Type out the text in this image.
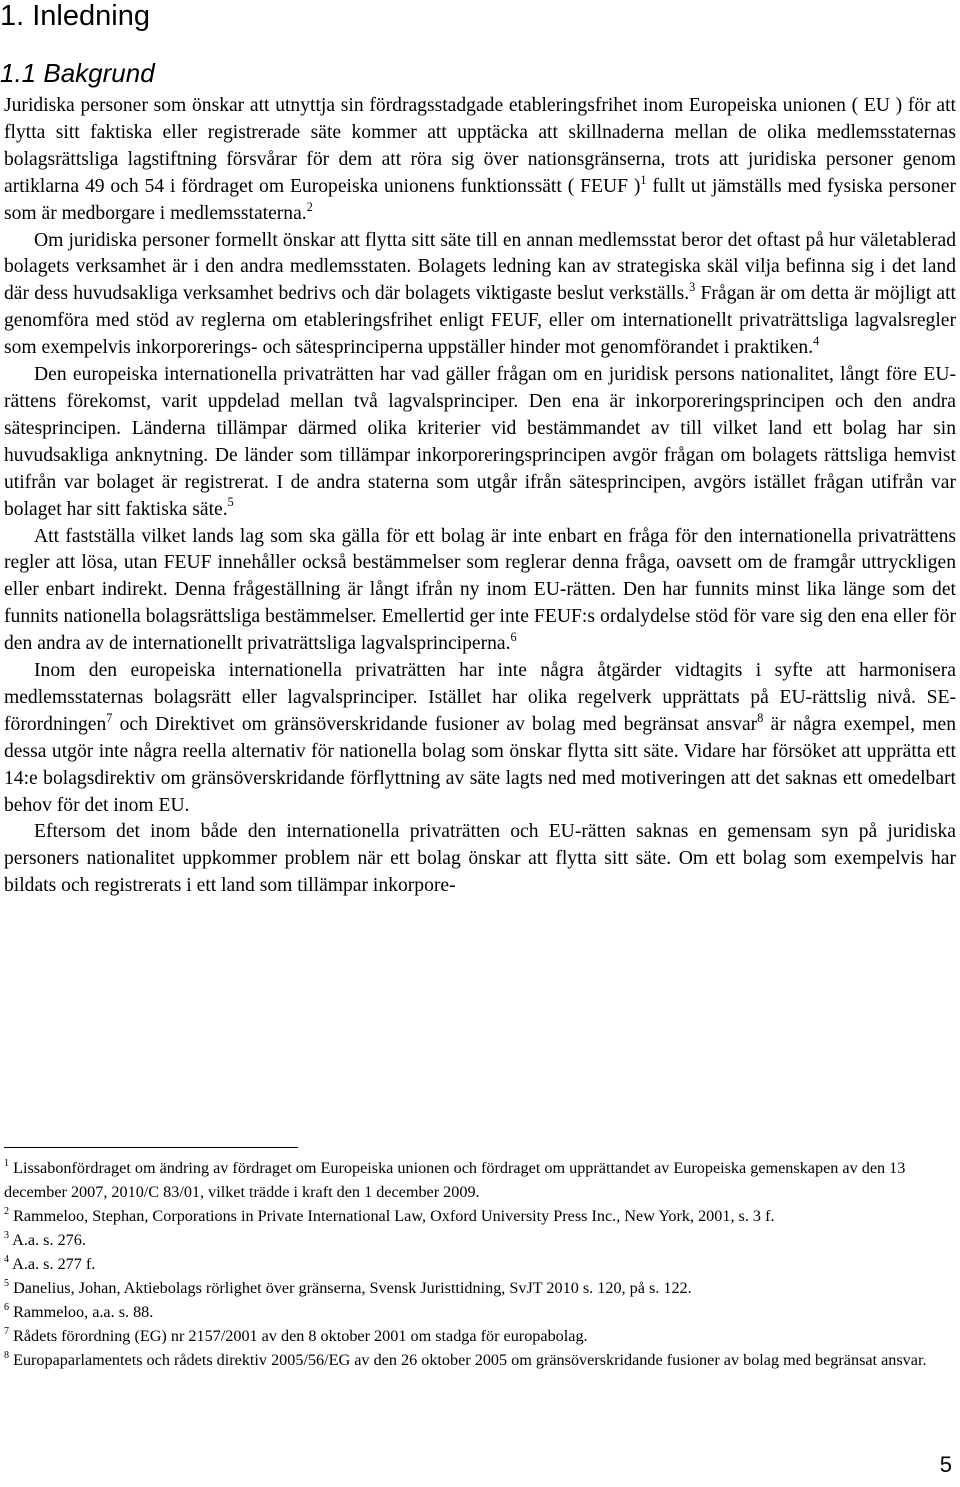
1. Inledning
1.1 Bakgrund

Juridiska personer som önskar att utnyttja sin fördragsstadgade etableringsfrihet inom Europeiska unionen ( EU ) för att flytta sitt faktiska eller registrerade säte kommer att upptäcka att skillnaderna mellan de olika medlemsstaternas bolagsrättsliga lagstiftning försvårar för dem att röra sig över nationsgränserna, trots att juridiska personer genom artiklarna 49 och 54 i fördraget om Europeiska unionens funktionssätt ( FEUF )$^1$ fullt ut jämställs med fysiska personer som är medborgare i medlemsstaterna.$^2$

Om juridiska personer formellt önskar att flytta sitt säte till en annan medlemsstat beror det oftast på hur väletablerad bolagets verksamhet är i den andra medlemsstaten. Bolagets ledning kan av strategiska skäl vilja befinna sig i det land där dess huvudsakliga verksamhet bedrivs och där bolagets viktigaste beslut verkställs.$^3$ Frågan är om detta är möjligt att genomföra med stöd av reglerna om etableringsfrihet enligt FEUF, eller om internationellt privaträttsliga lagvalsregler som exempelvis inkorporerings- och sätesprinciperna uppställer hinder mot genomförandet i praktiken.$^4$

Den europeiska internationella privaträtten har vad gäller frågan om en juridisk persons nationalitet, långt före EU-rättens förekomst, varit uppdelad mellan två lagvalsprinciper. Den ena är inkorporeringsprincipen och den andra sätesprincipen. Länderna tillämpar därmed olika kriterier vid bestämmandet av till vilket land ett bolag har sin huvudsakliga anknytning. De länder som tillämpar inkorporeringsprincipen avgör frågan om bolagets rättsliga hemvist utifrån var bolaget är registrerat. I de andra staterna som utgår ifrån sätesprincipen, avgörs istället frågan utifrån var bolaget har sitt faktiska säte.$^5$

Att fastställa vilket lands lag som ska gälla för ett bolag är inte enbart en fråga för den internationella privaträttens regler att lösa, utan FEUF innehåller också bestämmelser som reglerar denna fråga, oavsett om de framgår uttryckligen eller enbart indirekt. Denna frågeställning är långt ifrån ny inom EU-rätten. Den har funnits minst lika länge som det funnits nationella bolagsrättsliga bestämmelser. Emellertid ger inte FEUF:s ordalydelse stöd för vare sig den ena eller för den andra av de internationellt privaträttsliga lagvalsprinciperna.$^6$

Inom den europeiska internationella privaträtten har inte några åtgärder vidtagits i syfte att harmonisera medlemsstaternas bolagsrätt eller lagvalsprinciper. Istället har olika regelverk upprättats på EU-rättslig nivå. SE-förordningen$^7$ och Direktivet om gränsöverskridande fusioner av bolag med begränsat ansvar$^8$ är några exempel, men dessa utgör inte några reella alternativ för nationella bolag som önskar flytta sitt säte. Vidare har försöket att upprätta ett 14:e bolagsdirektiv om gränsöverskridande förflyttning av säte lagts ned med motiveringen att det saknas ett omedelbart behov för det inom EU.

Eftersom det inom både den internationella privaträtten och EU-rätten saknas en gemensam syn på juridiska personers nationalitet uppkommer problem när ett bolag önskar att flytta sitt säte. Om ett bolag som exempelvis har bildats och registrerats i ett land som tillämpar inkorpore-

$^1$ Lissabonfördraget om ändring av fördraget om Europeiska unionen och fördraget om upprättandet av Europeiska gemenskapen av den 13 december 2007, 2010/C 83/01, vilket trädde i kraft den 1 december 2009.
$^2$ Rammeloo, Stephan, Corporations in Private International Law, Oxford University Press Inc., New York, 2001, s. 3 f.
$^3$ A.a. s. 276.
$^4$ A.a. s. 277 f.
$^5$ Danelius, Johan, Aktiebolags rörlighet över gränserna, Svensk Juristtidning, SvJT 2010 s. 120, på s. 122.
$^6$ Rammeloo, a.a. s. 88.
$^7$ Rådets förordning (EG) nr 2157/2001 av den 8 oktober 2001 om stadga för europabolag.
$^8$ Europaparlamentets och rådets direktiv 2005/56/EG av den 26 oktober 2005 om gränsöverskridande fusioner av bolag med begränsat ansvar.
5
